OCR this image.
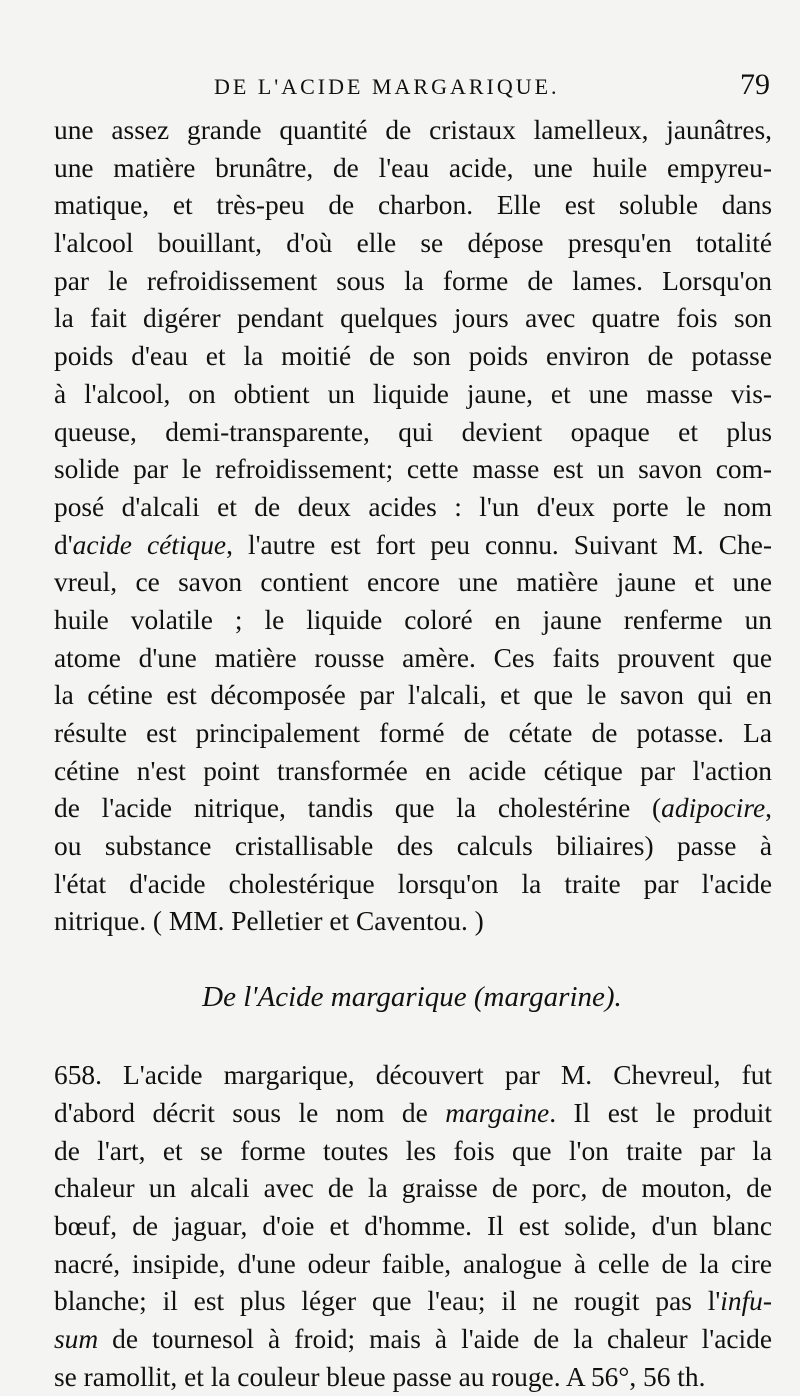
DE L'ACIDE MARGARIQUE.	79
une assez grande quantité de cristaux lamelleux, jaunâtres,
une matière brunâtre, de l'eau acide, une huile empyreu-
matique, et très-peu de charbon. Elle est soluble dans
l'alcool bouillant, d'où elle se dépose presqu'en totalité
par le refroidissement sous la forme de lames. Lorsqu'on
la fait digérer pendant quelques jours avec quatre fois son
poids d'eau et la moitié de son poids environ de potasse
à l'alcool, on obtient un liquide jaune, et une masse vis-
queuse, demi-transparente, qui devient opaque et plus
solide par le refroidissement; cette masse est un savon com-
posé d'alcali et de deux acides : l'un d'eux porte le nom
d'acide cétique, l'autre est fort peu connu. Suivant M. Che-
vreul, ce savon contient encore une matière jaune et une
huile volatile ; le liquide coloré en jaune renferme un
atome d'une matière rousse amère. Ces faits prouvent que
la cétine est décomposée par l'alcali, et que le savon qui en
résulte est principalement formé de cétate de potasse. La
cétine n'est point transformée en acide cétique par l'action
de l'acide nitrique, tandis que la cholestérine (adipocire,
ou substance cristallisable des calculs biliaires) passe à
l'état d'acide cholestérique lorsqu'on la traite par l'acide
nitrique. ( MM. Pelletier et Caventou. )
De l'Acide margarique (margarine).
658. L'acide margarique, découvert par M. Chevreul, fut
d'abord décrit sous le nom de margaine. Il est le produit
de l'art, et se forme toutes les fois que l'on traite par la
chaleur un alcali avec de la graisse de porc, de mouton, de
bœuf, de jaguar, d'oie et d'homme. Il est solide, d'un blanc
nacré, insipide, d'une odeur faible, analogue à celle de la cire
blanche; il est plus léger que l'eau; il ne rougit pas l'infu-
sum de tournesol à froid; mais à l'aide de la chaleur l'acide
se ramollit, et la couleur bleue passe au rouge. A 56°, 56 th.
